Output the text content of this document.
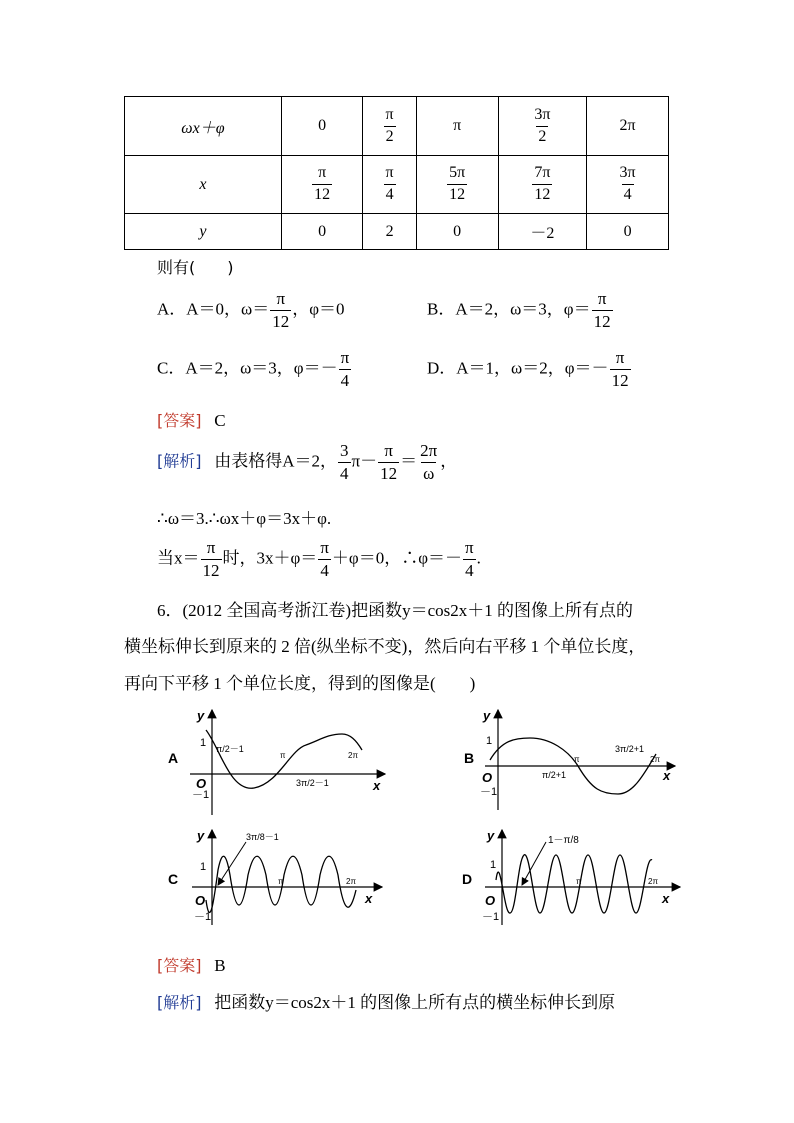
ωx＋φ	0	$\frac{\pi}{2}$	π	$\frac{3\pi}{2}$	2π
x	$\frac{\pi}{12}$	$\frac{\pi}{4}$	$\frac{5\pi}{12}$	$\frac{7\pi}{12}$	$\frac{3\pi}{4}$

y	0	2	0	－2	0
则有(　　)
A．A＝0，$\omega= \frac{\pi}{12}$ ，φ＝0	B．A＝2，ω＝3，$\varphi= \frac{\pi}{12}$
C．A＝2，ω＝3，$\varphi=- \frac{\pi}{4}$	D．A＝1，ω＝2，$\varphi=- \frac{\pi}{12}$
[答案] C
[解析] 由表格得A＝2， $\frac{3}{4} \pi- \frac{\pi}{12} = \frac{2\pi}{\omega}$ ，
∴ω＝3.∴ωx＋φ＝3x＋φ.
当$x= \frac{\pi}{12}$ 时，$3x+\varphi= \frac{\pi}{4} +\varphi=0$，∴φ＝－ $\frac{\pi}{4}$ .
6．(2012 全国高考浙江卷)把函数y＝cos2x＋1 的图像上所有点的
横坐标伸长到原来的 2 倍(纵坐标不变)，然后向右平移 1 个单位长度，
再向下平移 1 个单位长度，得到的图像是(　　)
A
y
x
O
1
－1
π/2－1
π
3π/2－1
2π	B
y
x
O
1
－1
π/2+1
π
3π/2+1
2π
C
y
x
O
1
－1
3π/8－1
π	2π	D
y
x
O
1
－1
1－π/8
π	2π
[答案] B
[解析] 把函数y＝cos2x＋1 的图像上所有点的横坐标伸长到原
